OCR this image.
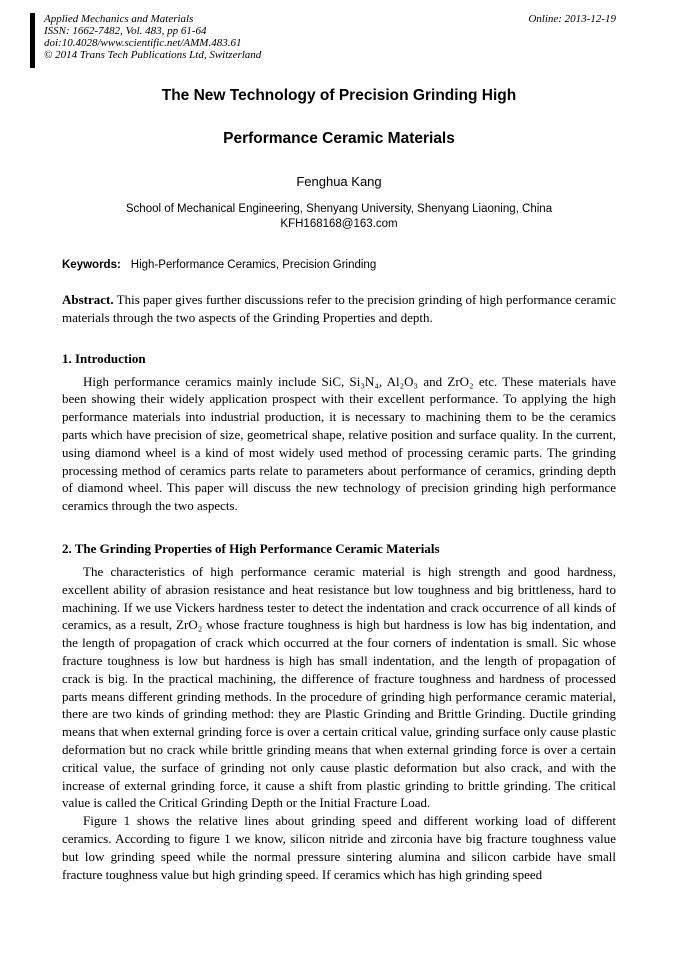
Applied Mechanics and Materials
ISSN: 1662-7482, Vol. 483, pp 61-64
doi:10.4028/www.scientific.net/AMM.483.61
© 2014 Trans Tech Publications Ltd, Switzerland
Online: 2013-12-19
The New Technology of Precision Grinding High
Performance Ceramic Materials
Fenghua Kang
School of Mechanical Engineering, Shenyang University, Shenyang Liaoning, China
KFH168168@163.com
Keywords: High-Performance Ceramics, Precision Grinding

Abstract. This paper gives further discussions refer to the precision grinding of high performance ceramic materials through the two aspects of the Grinding Properties and depth.

1. Introduction

High performance ceramics mainly include SiC, Si₃N₄, Al₂O₃ and ZrO₂ etc. These materials have been showing their widely application prospect with their excellent performance. To applying the high performance materials into industrial production, it is necessary to machining them to be the ceramics parts which have precision of size, geometrical shape, relative position and surface quality. In the current, using diamond wheel is a kind of most widely used method of processing ceramic parts. The grinding processing method of ceramics parts relate to parameters about performance of ceramics, grinding depth of diamond wheel. This paper will discuss the new technology of precision grinding high performance ceramics through the two aspects.

2. The Grinding Properties of High Performance Ceramic Materials

The characteristics of high performance ceramic material is high strength and good hardness, excellent ability of abrasion resistance and heat resistance but low toughness and big brittleness, hard to machining. If we use Vickers hardness tester to detect the indentation and crack occurrence of all kinds of ceramics, as a result, ZrO₂ whose fracture toughness is high but hardness is low has big indentation, and the length of propagation of crack which occurred at the four corners of indentation is small. Sic whose fracture toughness is low but hardness is high has small indentation, and the length of propagation of crack is big. In the practical machining, the difference of fracture toughness and hardness of processed parts means different grinding methods. In the procedure of grinding high performance ceramic material, there are two kinds of grinding method: they are Plastic Grinding and Brittle Grinding. Ductile grinding means that when external grinding force is over a certain critical value, grinding surface only cause plastic deformation but no crack while brittle grinding means that when external grinding force is over a certain critical value, the surface of grinding not only cause plastic deformation but also crack, and with the increase of external grinding force, it cause a shift from plastic grinding to brittle grinding. The critical value is called the Critical Grinding Depth or the Initial Fracture Load.

Figure 1 shows the relative lines about grinding speed and different working load of different ceramics. According to figure 1 we know, silicon nitride and zirconia have big fracture toughness value but low grinding speed while the normal pressure sintering alumina and silicon carbide have small fracture toughness value but high grinding speed. If ceramics which has high grinding speed
